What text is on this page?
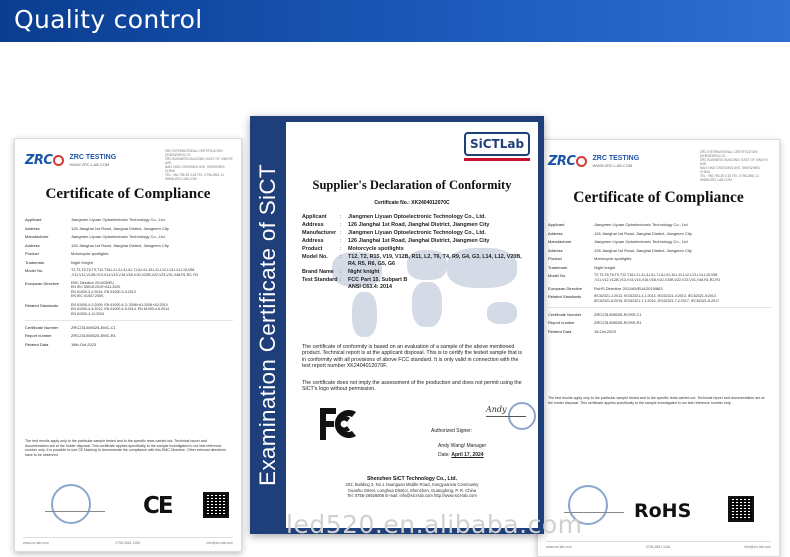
Quality control
ZRC ZRC TESTING
WWW.ZRC-LAB.COM
ZRC INTERNATIONAL CERTIFICATION (SHENZHEN) CO.
ZRC BUSINESS BUILDING, EAST OF XINGYE AVE,
NAN XING CROSSING AVE, SHENZHEN, CHINA
TEL: +86-755-28 0 28 TEL: 0796-2661 11
WWW.ZRC-LAB.COM
Certificate of Compliance
Applicant	Jiangmen Liyuan Optoelectronic Technology Co., Ltd.
Address	126 Jianghai 1st Road, Jianghai District, Jiangmen City
Manufacturer	Jiangmen Liyuan Optoelectronic Technology Co., Ltd.
Address	126 Jianghai 1st Road, Jianghai District, Jiangmen City
Product	Motorcycle spotlights
Trademark	Night Knight
Model No.	T2,T3,T6,T8,T9,T12,T16,L2,L3,L4,L6,L7,L8,L9,L10,L11,L12,L13,L14,L15,V58 ,V11,V12,V1ZB,V13,V14,V15,V16,V1B,V1D,V20B,V22,V23,V31,V48,R1,R2, R3
European Directive	EMC Directive 2014/30/EU
EN IEC 55015:2019+A11:2020,
EN 61000-3-2:2014, EN 61000-3-3:2013
EN IEC 61547:2009,
Related Standards	EN 61000-4-2:2009, EN 61000-4-3: 2006+A1:2008+A2:2010
EN 61000-4-4:2012, EN 61000-4-5:2014, EN 61000-4-6:2014
EN 61000-4-11:2004
Certificate Number	ZRC231008025-EMC-C1
Report number	ZRC231008025-EMC-R1
Related Data	18th.Oct.2023
The test results apply only to the particular sample tested and to the specific tests carried out. Technical report and documentation are at the holder disposal. This certificate applies specifically to the sample investigated in our test reference number only. It is possible to use CE Marking to demonstrate the compliance with this EMC Directive. Other relevant directives have to be observed.
CE
www.zrc-lab.com	0796-2661 1166	info@zrc-lab.com
ZRC ZRC TESTING
WWW.ZRC-LAB.COM
ZRC INTERNATIONAL CERTIFICATION (SHENZHEN) CO.
ZRC BUSINESS BUILDING, EAST OF XINGYE AVE,
NAN XING CROSSING AVE, SHENZHEN, CHINA
TEL: +86-755-28 0 28 TEL: 0796-2661 11
WWW.ZRC-LAB.COM
Certificate of Compliance
Applicant	Jiangmen Liyuan Optoelectronic Technology Co., Ltd.
Address	126 Jianghai 1st Road, Jianghai District, Jiangmen City
Manufacturer	Jiangmen Liyuan Optoelectronic Technology Co., Ltd.
Address	126 Jianghai 1st Road, Jianghai District, Jiangmen City
Product	Motorcycle spotlights
Trademark	Night knight
Model No.	T2,T3,T6,T8,T9,T12,T16,L2,L3,L4,L6,L7,L8,L9,L10,L11,L12,L13,L14,L15,V58 ,V11,V12,V1ZB,V13,V14,V15,V16,V1B,V1D,V20B,V22,V23,V31,V48,R1,R2,R3
European Directive	RoHS Directive 2011/65/EU&2015/863
Related Standards	IEC62321-1:2013, IEC62321-3-1:2013, IEC62321-4:2013, IEC62321-5:2013
IEC62321-6:2015, IEC62321-7-1:2015, IEC62321-7-2:2017, IEC62321-8:2017
Certificate Number	ZRC231008025-ROHS-C1
Report number	ZRC231008025-ROHS-R1
Related Data	18.Oct.2023
The test results apply only to the particular sample tested and to the specific tests carried out. Technical report and documentation are at the holder disposal. This certificate applies specifically to the sample investigated in our test reference number only.
RoHS
www.zrc-lab.com	0796-2661 1166	info@zrc-lab.com
Examination Certificate of SiCT
SiCTLab
Supplier's Declaration of Conformity
Certificate No.: XK2404012070C
Applicant	:	Jiangmen Liyuan Optoelectronic Technology Co., Ltd.
Address	:	126 Jianghai 1st Road, Jianghai District, Jiangmen City
Manufacturer :	Jiangmen Liyuan Optoelectronic Technology Co., Ltd.
Address	:	126 Jianghai 1st Road, Jianghai District, Jiangmen City
Product	:	Motorcycle spotlights
Model No.	:	T12, T2, R15, V19, V12B, R11, L2, T6, T4, R9, G4, G3, L14, L12, V20B, R4, R5, R6, G5, G6
Brand Name	:	Night knight
Test Standard :	FCC Part 15, Subpart B
ANSI C63.4: 2014
The certificate of conformity is based on an evaluation of a sample of the above mentioned product. Technical report is at the applicant disposal. This is to certify the tested sample that is in conformity with all provisions of above FCC standard. It is only valid in connection with the test report number XK2404012070F.
The certificate does not imply the assessment of the production and does not permit using the SiCT's logo without permission.
Authorized Signer:
Andy
Andy Wang/ Manager
Date: April 17, 2024
Shenzhen SiCT Technology Co., Ltd.
202, Building 3, No.1 Huanguan Middle Road, Songyuanxia Community
Guanhu Street, Longhua District, Shenzhen, Guangdong, P. R. China
Tel: 0755-26926006 E-mail: info@sict-lab.com http://www.sict-lab.com
led520.en.alibaba.com
